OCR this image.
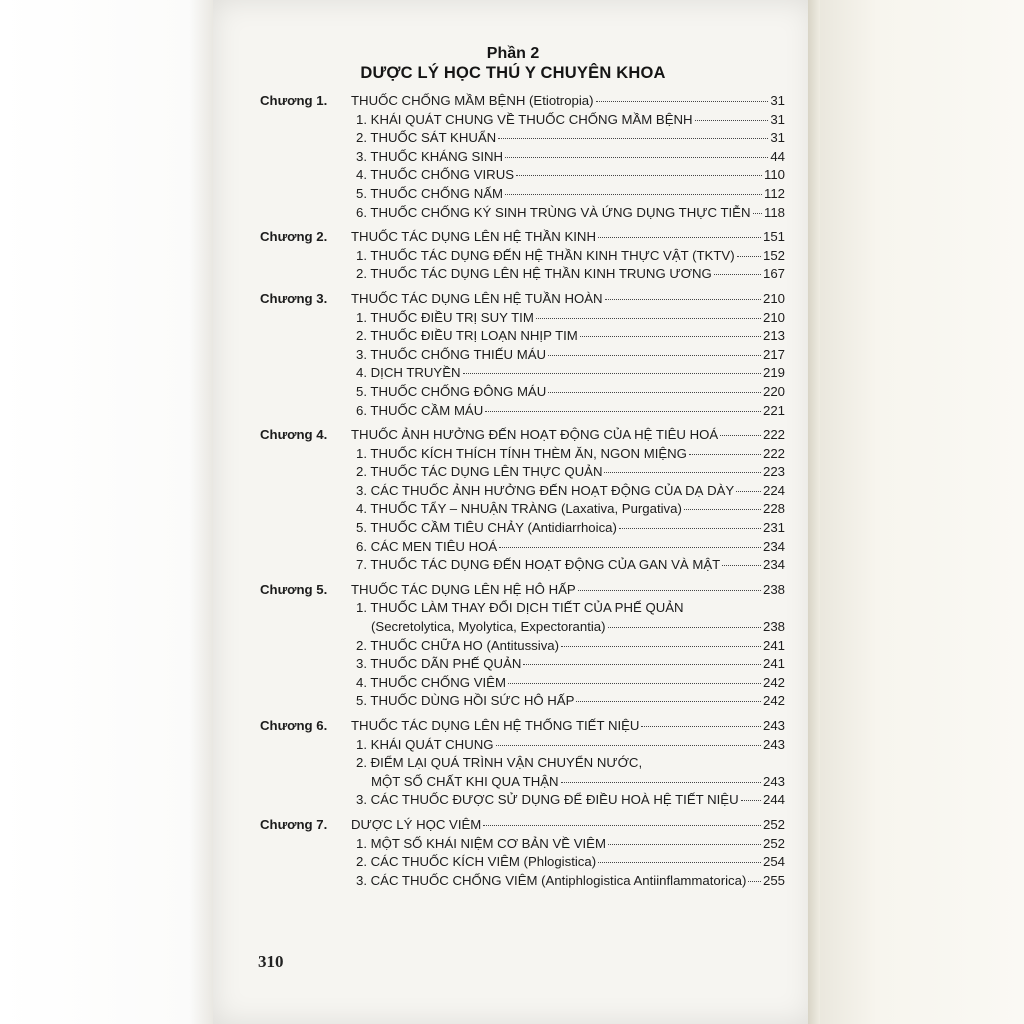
Phần 2
DƯỢC LÝ HỌC THÚ Y CHUYÊN KHOA
Chương 1. THUỐC CHỐNG MẦM BỆNH (Etiotropia)	31
1. KHÁI QUÁT CHUNG VỀ THUỐC CHỐNG MẦM BỆNH	31
2. THUỐC SÁT KHUẨN	31
3. THUỐC KHÁNG SINH	44
4. THUỐC CHỐNG VIRUS	110
5. THUỐC CHỐNG NẤM	112
6. THUỐC CHỐNG KÝ SINH TRÙNG VÀ ỨNG DỤNG THỰC TIỄN 118
Chương 2. THUỐC TÁC DỤNG LÊN HỆ THẦN KINH	151
1. THUỐC TÁC DỤNG ĐẾN HỆ THẦN KINH THỰC VẬT (TKTV) 152
2. THUỐC TÁC DỤNG LÊN HỆ THẦN KINH TRUNG ƯƠNG	167
Chương 3. THUỐC TÁC DỤNG LÊN HỆ TUẦN HOÀN	210
1. THUỐC ĐIỀU TRỊ SUY TIM	210
2. THUỐC ĐIỀU TRỊ LOẠN NHỊP TIM	213
3. THUỐC CHỐNG THIẾU MÁU	217
4. DỊCH TRUYỀN	219
5. THUỐC CHỐNG ĐÔNG MÁU	220
6. THUỐC CẦM MÁU	221
Chương 4. THUỐC ẢNH HƯỞNG ĐẾN HOẠT ĐỘNG CỦA HỆ TIÊU HOÁ	222
1. THUỐC KÍCH THÍCH TÍNH THÈM ĂN, NGON MIỆNG	222
2. THUỐC TÁC DỤNG LÊN THỰC QUẢN	223
3. CÁC THUỐC ẢNH HƯỞNG ĐẾN HOẠT ĐỘNG CỦA DẠ DÀY 224
4. THUỐC TẨY – NHUẬN TRÀNG (Laxativa, Purgativa)	228
5. THUỐC CẦM TIÊU CHẢY (Antidiarrhoica)	231
6. CÁC MEN TIÊU HOÁ	234
7. THUỐC TÁC DỤNG ĐẾN HOẠT ĐỘNG CỦA GAN VÀ MẬT	234
Chương 5. THUỐC TÁC DỤNG LÊN HỆ HÔ HẤP	238
1. THUỐC LÀM THAY ĐỔI DỊCH TIẾT CỦA PHẾ QUẢN
(Secretolytica, Myolytica, Expectorantia)	238
2. THUỐC CHỮA HO (Antitussiva)	241
3. THUỐC DÃN PHẾ QUẢN	241
4. THUỐC CHỐNG VIÊM	242
5. THUỐC DÙNG HỒI SỨC HÔ HẤP	242
Chương 6. THUỐC TÁC DỤNG LÊN HỆ THỐNG TIẾT NIỆU	243
1. KHÁI QUÁT CHUNG	243
2. ĐIỂM LẠI QUÁ TRÌNH VẬN CHUYỂN NƯỚC,
MỘT SỐ CHẤT KHI QUA THẬN	243
3. CÁC THUỐC ĐƯỢC SỬ DỤNG ĐỂ ĐIỀU HOÀ HỆ TIẾT NIỆU 244
Chương 7. DƯỢC LÝ HỌC VIÊM	252
1. MỘT SỐ KHÁI NIỆM CƠ BẢN VỀ VIÊM	252
2. CÁC THUỐC KÍCH VIÊM (Phlogistica)	254
3. CÁC THUỐC CHỐNG VIÊM (Antiphlogistica Antiinflammatorica) 255
310
